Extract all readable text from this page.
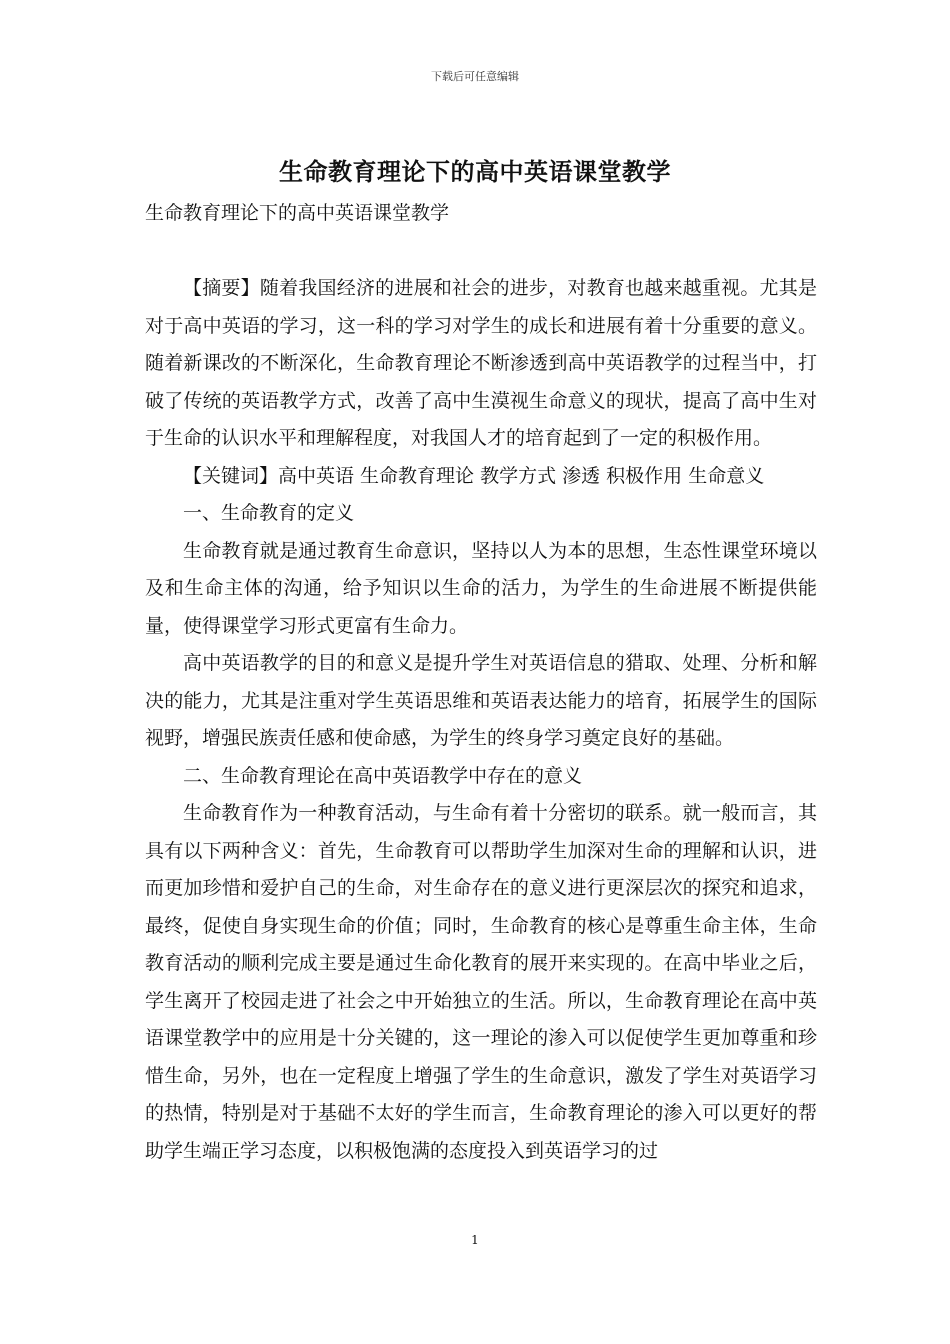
下载后可任意编辑
生命教育理论下的高中英语课堂教学
生命教育理论下的高中英语课堂教学

【摘要】随着我国经济的进展和社会的进步，对教育也越来越重视。尤其是对于高中英语的学习，这一科的学习对学生的成长和进展有着十分重要的意义。随着新课改的不断深化，生命教育理论不断渗透到高中英语教学的过程当中，打破了传统的英语教学方式，改善了高中生漠视生命意义的现状，提高了高中生对于生命的认识水平和理解程度，对我国人才的培育起到了一定的积极作用。

【关键词】高中英语 生命教育理论 教学方式 渗透 积极作用 生命意义

一、生命教育的定义

生命教育就是通过教育生命意识，坚持以人为本的思想，生态性课堂环境以及和生命主体的沟通，给予知识以生命的活力，为学生的生命进展不断提供能量，使得课堂学习形式更富有生命力。

高中英语教学的目的和意义是提升学生对英语信息的猎取、处理、分析和解决的能力，尤其是注重对学生英语思维和英语表达能力的培育，拓展学生的国际视野，增强民族责任感和使命感，为学生的终身学习奠定良好的基础。

二、生命教育理论在高中英语教学中存在的意义

生命教育作为一种教育活动，与生命有着十分密切的联系。就一般而言，其具有以下两种含义：首先，生命教育可以帮助学生加深对生命的理解和认识，进而更加珍惜和爱护自己的生命，对生命存在的意义进行更深层次的探究和追求，最终，促使自身实现生命的价值；同时，生命教育的核心是尊重生命主体，生命教育活动的顺利完成主要是通过生命化教育的展开来实现的。在高中毕业之后，学生离开了校园走进了社会之中开始独立的生活。所以，生命教育理论在高中英语课堂教学中的应用是十分关键的，这一理论的渗入可以促使学生更加尊重和珍惜生命，另外，也在一定程度上增强了学生的生命意识，激发了学生对英语学习的热情，特别是对于基础不太好的学生而言，生命教育理论的渗入可以更好的帮助学生端正学习态度，以积极饱满的态度投入到英语学习的过

1
